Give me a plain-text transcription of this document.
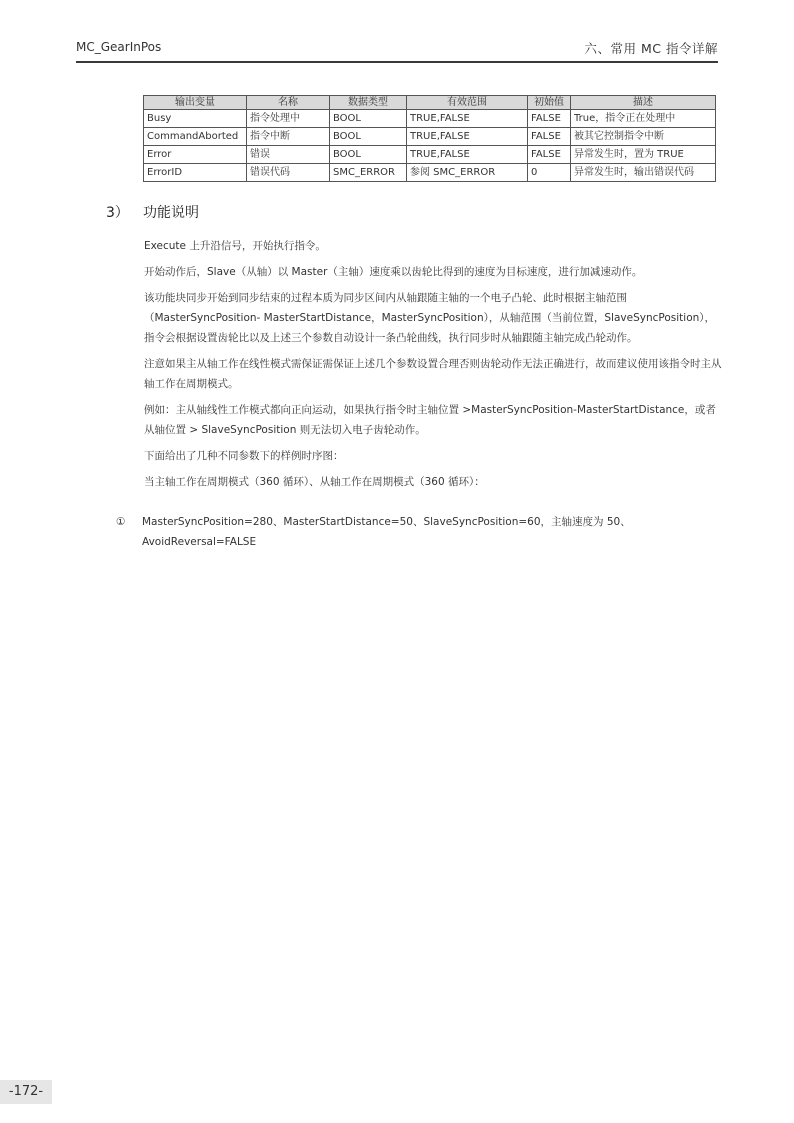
MC_GearInPos	六、常用 MC 指令详解
输出变量	名称	数据类型	有效范围	初始值	描述
Busy	指令处理中	BOOL	TRUE,FALSE	FALSE	True，指令正在处理中
CommandAborted	指令中断	BOOL	TRUE,FALSE	FALSE	被其它控制指令中断
Error	错误	BOOL	TRUE,FALSE	FALSE	异常发生时，置为 TRUE
ErrorID	错误代码	SMC_ERROR	参阅 SMC_ERROR	0	异常发生时，输出错误代码
3） 功能说明

Execute 上升沿信号，开始执行指令。

开始动作后，Slave（从轴）以 Master（主轴）速度乘以齿轮比得到的速度为目标速度，进行加减速动作。

该功能块同步开始到同步结束的过程本质为同步区间内从轴跟随主轴的一个电子凸轮、此时根据主轴范围（MasterSyncPosition- MasterStartDistance，MasterSyncPosition），从轴范围（当前位置，SlaveSyncPosition），指令会根据设置齿轮比以及上述三个参数自动设计一条凸轮曲线，执行同步时从轴跟随主轴完成凸轮动作。

注意如果主从轴工作在线性模式需保证需保证上述几个参数设置合理否则齿轮动作无法正确进行，故而建议使用该指令时主从轴工作在周期模式。

例如：主从轴线性工作模式都向正向运动，如果执行指令时主轴位置 >MasterSyncPosition-MasterStartDistance，或者从轴位置 > SlaveSyncPosition 则无法切入电子齿轮动作。

下面给出了几种不同参数下的样例时序图：

当主轴工作在周期模式（360 循环）、从轴工作在周期模式（360 循环）：

① MasterSyncPosition=280、MasterStartDistance=50、SlaveSyncPosition=60，主轴速度为 50、AvoidReversal=FALSE
-172-
